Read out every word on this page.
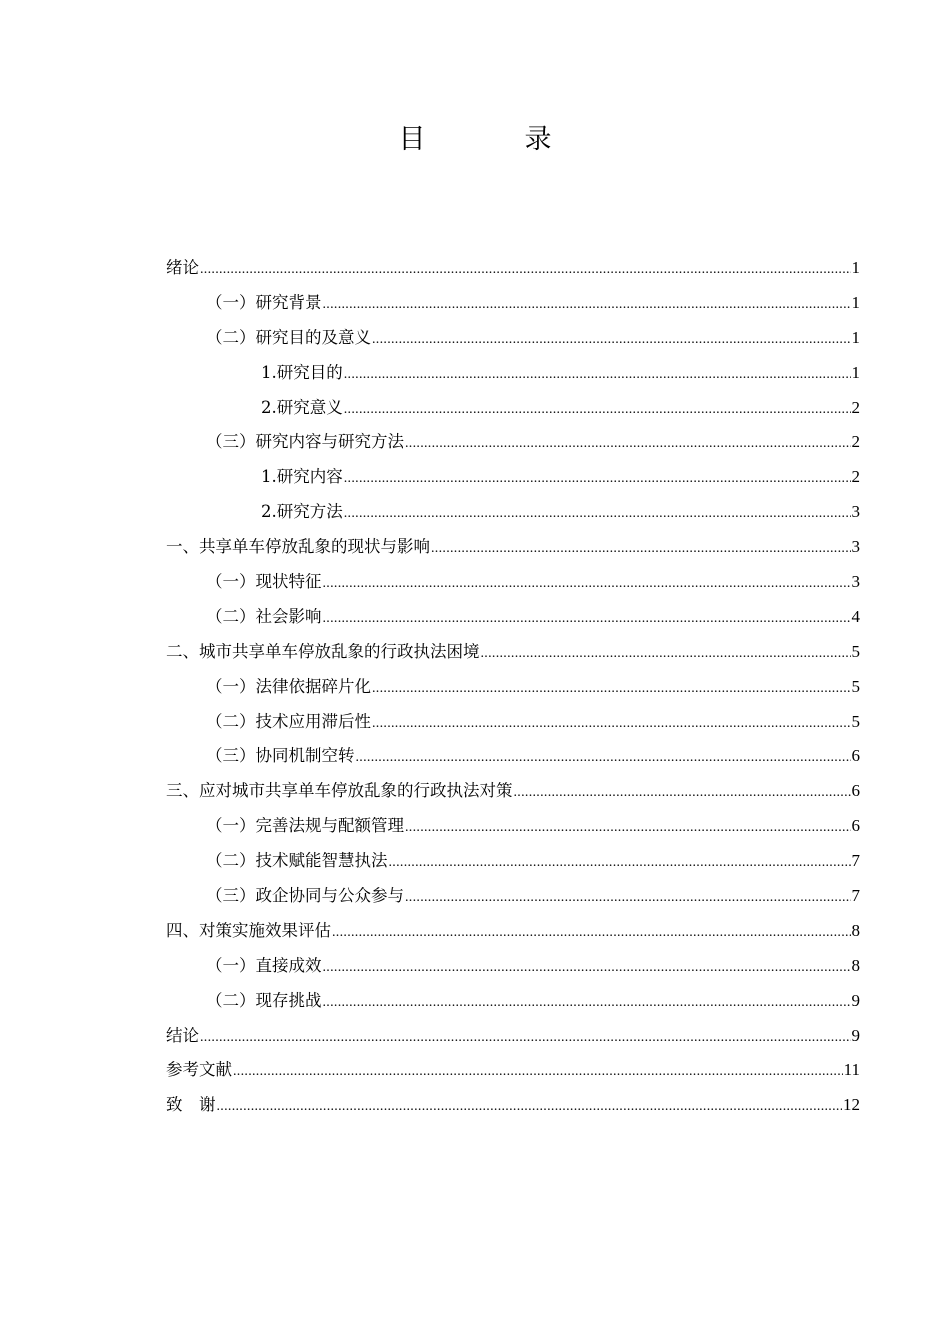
目　录
绪论 .....	1
（一）研究背景 .....	1
（二）研究目的及意义 .....	1
1.研究目的 .....	1
2.研究意义 .....	2
（三）研究内容与研究方法 .....	2
1.研究内容 .....	2
2.研究方法 .....	3
一、共享单车停放乱象的现状与影响 .....	3
（一）现状特征 .....	3
（二）社会影响 .....	4
二、城市共享单车停放乱象的行政执法困境 .....	5
（一）法律依据碎片化 .....	5
（二）技术应用滞后性 .....	5
（三）协同机制空转 .....	6
三、应对城市共享单车停放乱象的行政执法对策 .....	6
（一）完善法规与配额管理 .....	6
（二）技术赋能智慧执法 .....	7
（三）政企协同与公众参与 .....	7
四、对策实施效果评估 .....	8
（一）直接成效 .....	8
（二）现存挑战 .....	9
结论 .....	9
参考文献 .....	11
致　谢 .....	12
